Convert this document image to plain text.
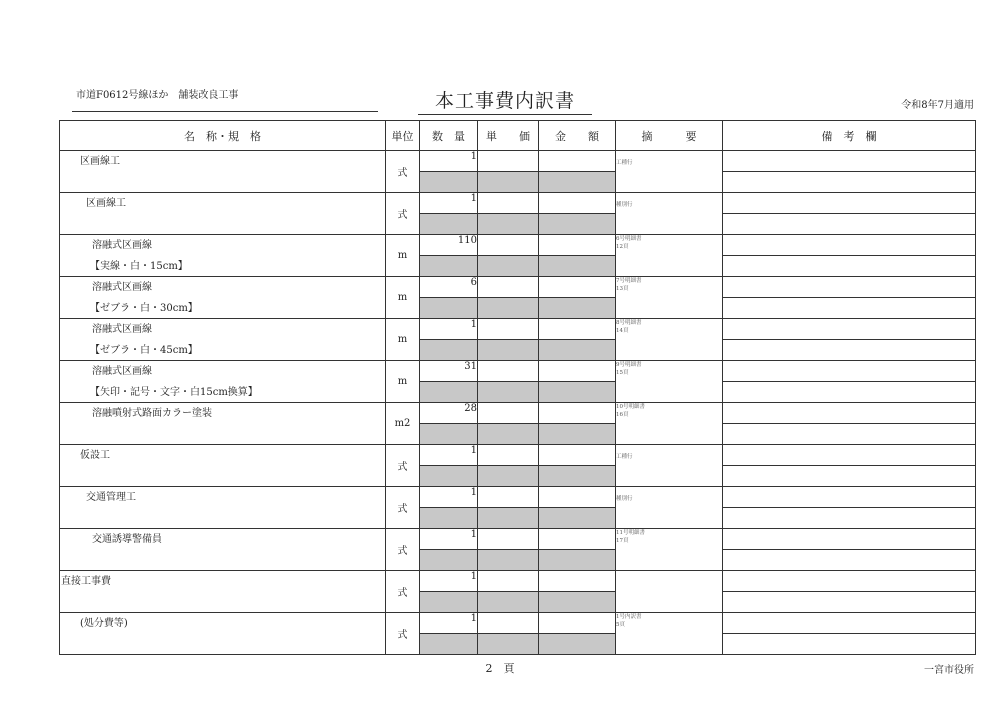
市道F0612号線ほか　舗装改良工事	本工事費内訳書	令和8年7月適用
名　称・規　格	単位	数　量	単　　価	金　　額	摘　　　要	備　考　欄

区画線工	式	1			工種行	

区画線工	式	1			種別行	

溶融式区画線
【実線・白・15cm】	m	110			6号明細書
12頁	

溶融式区画線
【ゼブラ・白・30cm】	m	6			7号明細書
13頁	

溶融式区画線
【ゼブラ・白・45cm】	m	1			8号明細書
14頁	

溶融式区画線
【矢印・記号・文字・白15cm換算】	m	31			9号明細書
15頁	

溶融噴射式路面カラー塗装	m2	28			10号明細書
16頁	

仮設工	式	1			工種行	

交通管理工	式	1			種別行	

交通誘導警備員	式	1			11号明細書
17頁	

直接工事費	式	1				

(処分費等)	式	1			1号内訳書
5頁	

2　頁	一宮市役所
